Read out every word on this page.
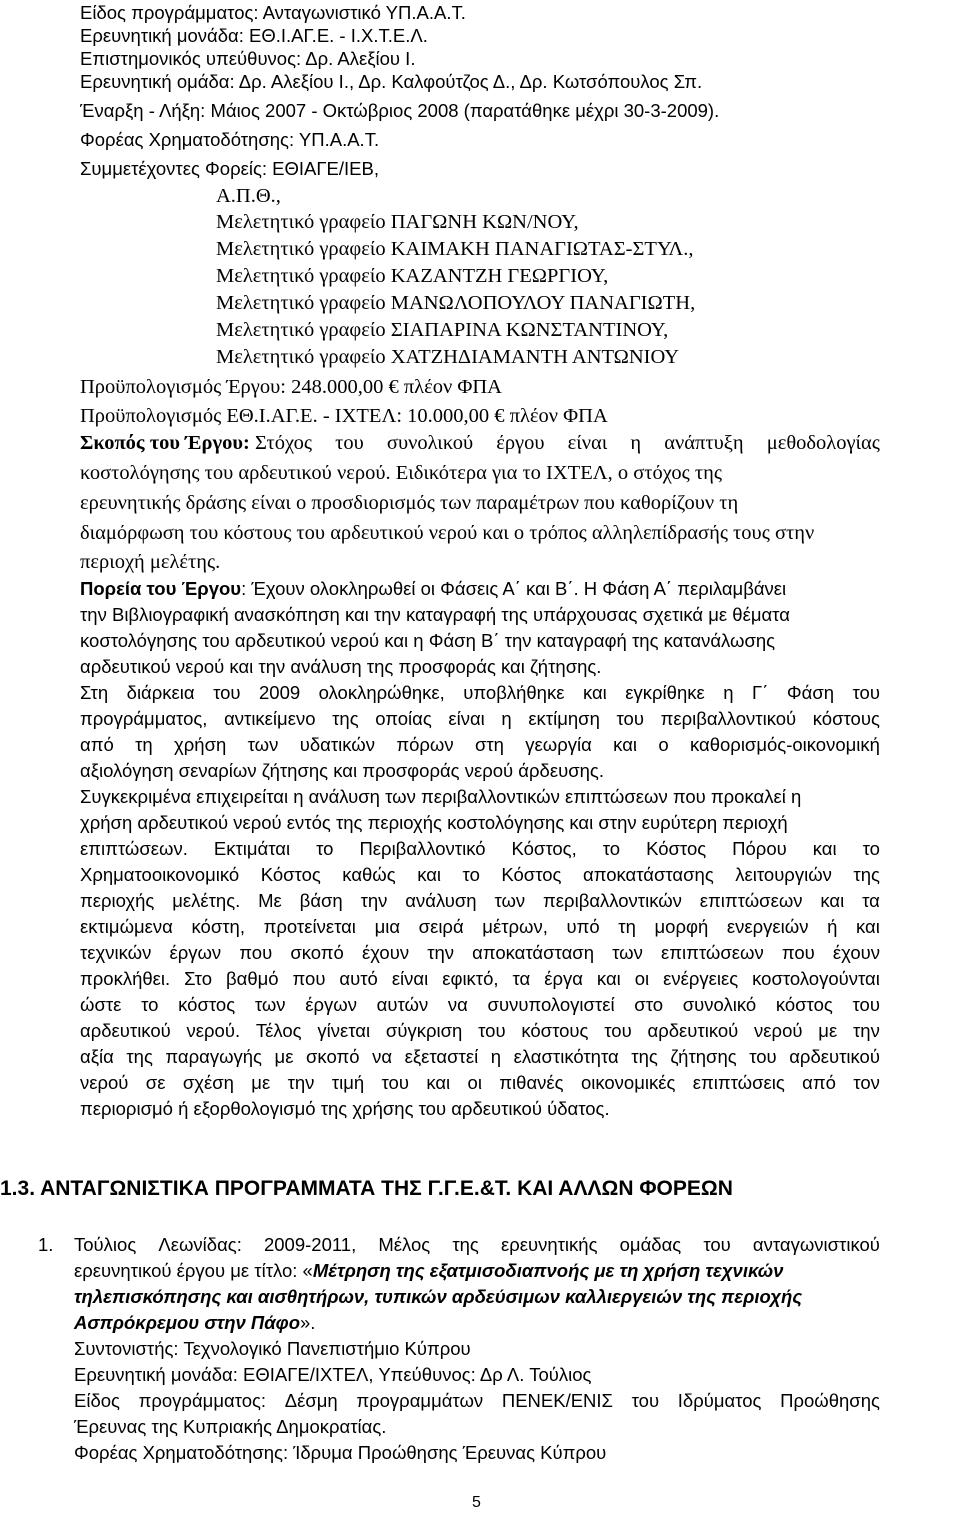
Είδος προγράμματος: Ανταγωνιστικό ΥΠ.Α.Α.Τ.
Ερευνητική μονάδα: ΕΘ.Ι.ΑΓ.Ε. - Ι.Χ.Τ.Ε.Λ.
Επιστημονικός υπεύθυνος: Δρ. Αλεξίου Ι.
Ερευνητική ομάδα: Δρ. Αλεξίου Ι., Δρ. Καλφούτζος Δ., Δρ. Κωτσόπουλος Σπ.
Έναρξη - Λήξη: Μάιος 2007 - Οκτώβριος 2008 (παρατάθηκε μέχρι 30-3-2009).
Φορέας Χρηματοδότησης: ΥΠ.Α.Α.Τ.
Συμμετέχοντες Φορείς: ΕΘΙΑΓΕ/ΙΕΒ,
Α.Π.Θ.,
Μελετητικό γραφείο ΠΑΓΩΝΗ ΚΩΝ/ΝΟΥ,
Μελετητικό γραφείο ΚΑΙΜΑΚΗ ΠΑΝΑΓΙΩΤΑΣ-ΣΤΥΛ.,
Μελετητικό γραφείο ΚΑΖΑΝΤΖΗ ΓΕΩΡΓΙΟΥ,
Μελετητικό γραφείο ΜΑΝΩΛΟΠΟΥΛΟΥ ΠΑΝΑΓΙΩΤΗ,
Μελετητικό γραφείο ΣΙΑΠΑΡΙΝΑ ΚΩΝΣΤΑΝΤΙΝΟΥ,
Μελετητικό γραφείο ΧΑΤΖΗΔΙΑΜΑΝΤΗ ΑΝΤΩΝΙΟΥ
Προϋπολογισμός Έργου: 248.000,00 € πλέον ΦΠΑ
Προϋπολογισμός ΕΘ.Ι.ΑΓ.Ε. - ΙΧΤΕΛ: 10.000,00 € πλέον ΦΠΑ
Σκοπός του Έργου: Στόχος του συνολικού έργου είναι η ανάπτυξη μεθοδολογίας
κοστολόγησης του αρδευτικού νερού. Ειδικότερα για το ΙΧΤΕΛ, ο στόχος της
ερευνητικής δράσης είναι ο προσδιορισμός των παραμέτρων που καθορίζουν τη
διαμόρφωση του κόστους του αρδευτικού νερού και ο τρόπος αλληλεπίδρασής τους στην
περιοχή μελέτης.
Πορεία του Έργου: Έχουν ολοκληρωθεί οι Φάσεις Α΄ και Β΄. Η Φάση Α΄ περιλαμβάνει
την Βιβλιογραφική ανασκόπηση και την καταγραφή της υπάρχουσας σχετικά με θέματα
κοστολόγησης του αρδευτικού νερού και η Φάση Β΄ την καταγραφή της κατανάλωσης
αρδευτικού νερού και την ανάλυση της προσφοράς και ζήτησης.
Στη διάρκεια του 2009 ολοκληρώθηκε, υποβλήθηκε και εγκρίθηκε η Γ΄ Φάση του
προγράμματος, αντικείμενο της οποίας είναι η εκτίμηση του περιβαλλοντικού κόστους
από τη χρήση των υδατικών πόρων στη γεωργία και ο καθορισμός-οικονομική
αξιολόγηση σεναρίων ζήτησης και προσφοράς νερού άρδευσης.
Συγκεκριμένα επιχειρείται η ανάλυση των περιβαλλοντικών επιπτώσεων που προκαλεί η
χρήση αρδευτικού νερού εντός της περιοχής κοστολόγησης και στην ευρύτερη περιοχή
επιπτώσεων. Εκτιμάται το Περιβαλλοντικό Κόστος, το Κόστος Πόρου και το
Χρηματοοικονομικό Κόστος καθώς και το Κόστος αποκατάστασης λειτουργιών της
περιοχής μελέτης. Με βάση την ανάλυση των περιβαλλοντικών επιπτώσεων και τα
εκτιμώμενα κόστη, προτείνεται μια σειρά μέτρων, υπό τη μορφή ενεργειών ή και
τεχνικών έργων που σκοπό έχουν την αποκατάσταση των επιπτώσεων που έχουν
προκλήθει. Στο βαθμό που αυτό είναι εφικτό, τα έργα και οι ενέργειες κοστολογούνται
ώστε το κόστος των έργων αυτών να συνυπολογιστεί στο συνολικό κόστος του
αρδευτικού νερού. Τέλος γίνεται σύγκριση του κόστους του αρδευτικού νερού με την
αξία της παραγωγής με σκοπό να εξεταστεί η ελαστικότητα της ζήτησης του αρδευτικού
νερού σε σχέση με την τιμή του και οι πιθανές οικονομικές επιπτώσεις από τον
περιορισμό ή εξορθολογισμό της χρήσης του αρδευτικού ύδατος.
1.3. ΑΝΤΑΓΩΝΙΣΤΙΚΑ ΠΡΟΓΡΑΜΜΑΤΑ ΤΗΣ Γ.Γ.Ε.&Τ. ΚΑΙ ΑΛΛΩΝ ΦΟΡΕΩΝ
1. Τούλιος Λεωνίδας: 2009-2011, Μέλος της ερευνητικής ομάδας του ανταγωνιστικού
ερευνητικού έργου με τίτλο: «Μέτρηση της εξατμισοδιαπνοής με τη χρήση τεχνικών
τηλεπισκόπησης και αισθητήρων, τυπικών αρδεύσιμων καλλιεργειών της περιοχής
Ασπρόκρεμου στην Πάφο».
Συντονιστής: Τεχνολογικό Πανεπιστήμιο Κύπρου
Ερευνητική μονάδα: ΕΘΙΑΓΕ/ΙΧΤΕΛ, Υπεύθυνος: Δρ Λ. Τούλιος
Είδος προγράμματος: Δέσμη προγραμμάτων ΠΕΝΕΚ/ΕΝΙΣ του Ιδρύματος Προώθησης
Έρευνας της Κυπριακής Δημοκρατίας.
Φορέας Χρηματοδότησης: Ίδρυμα Προώθησης Έρευνας Κύπρου
5
